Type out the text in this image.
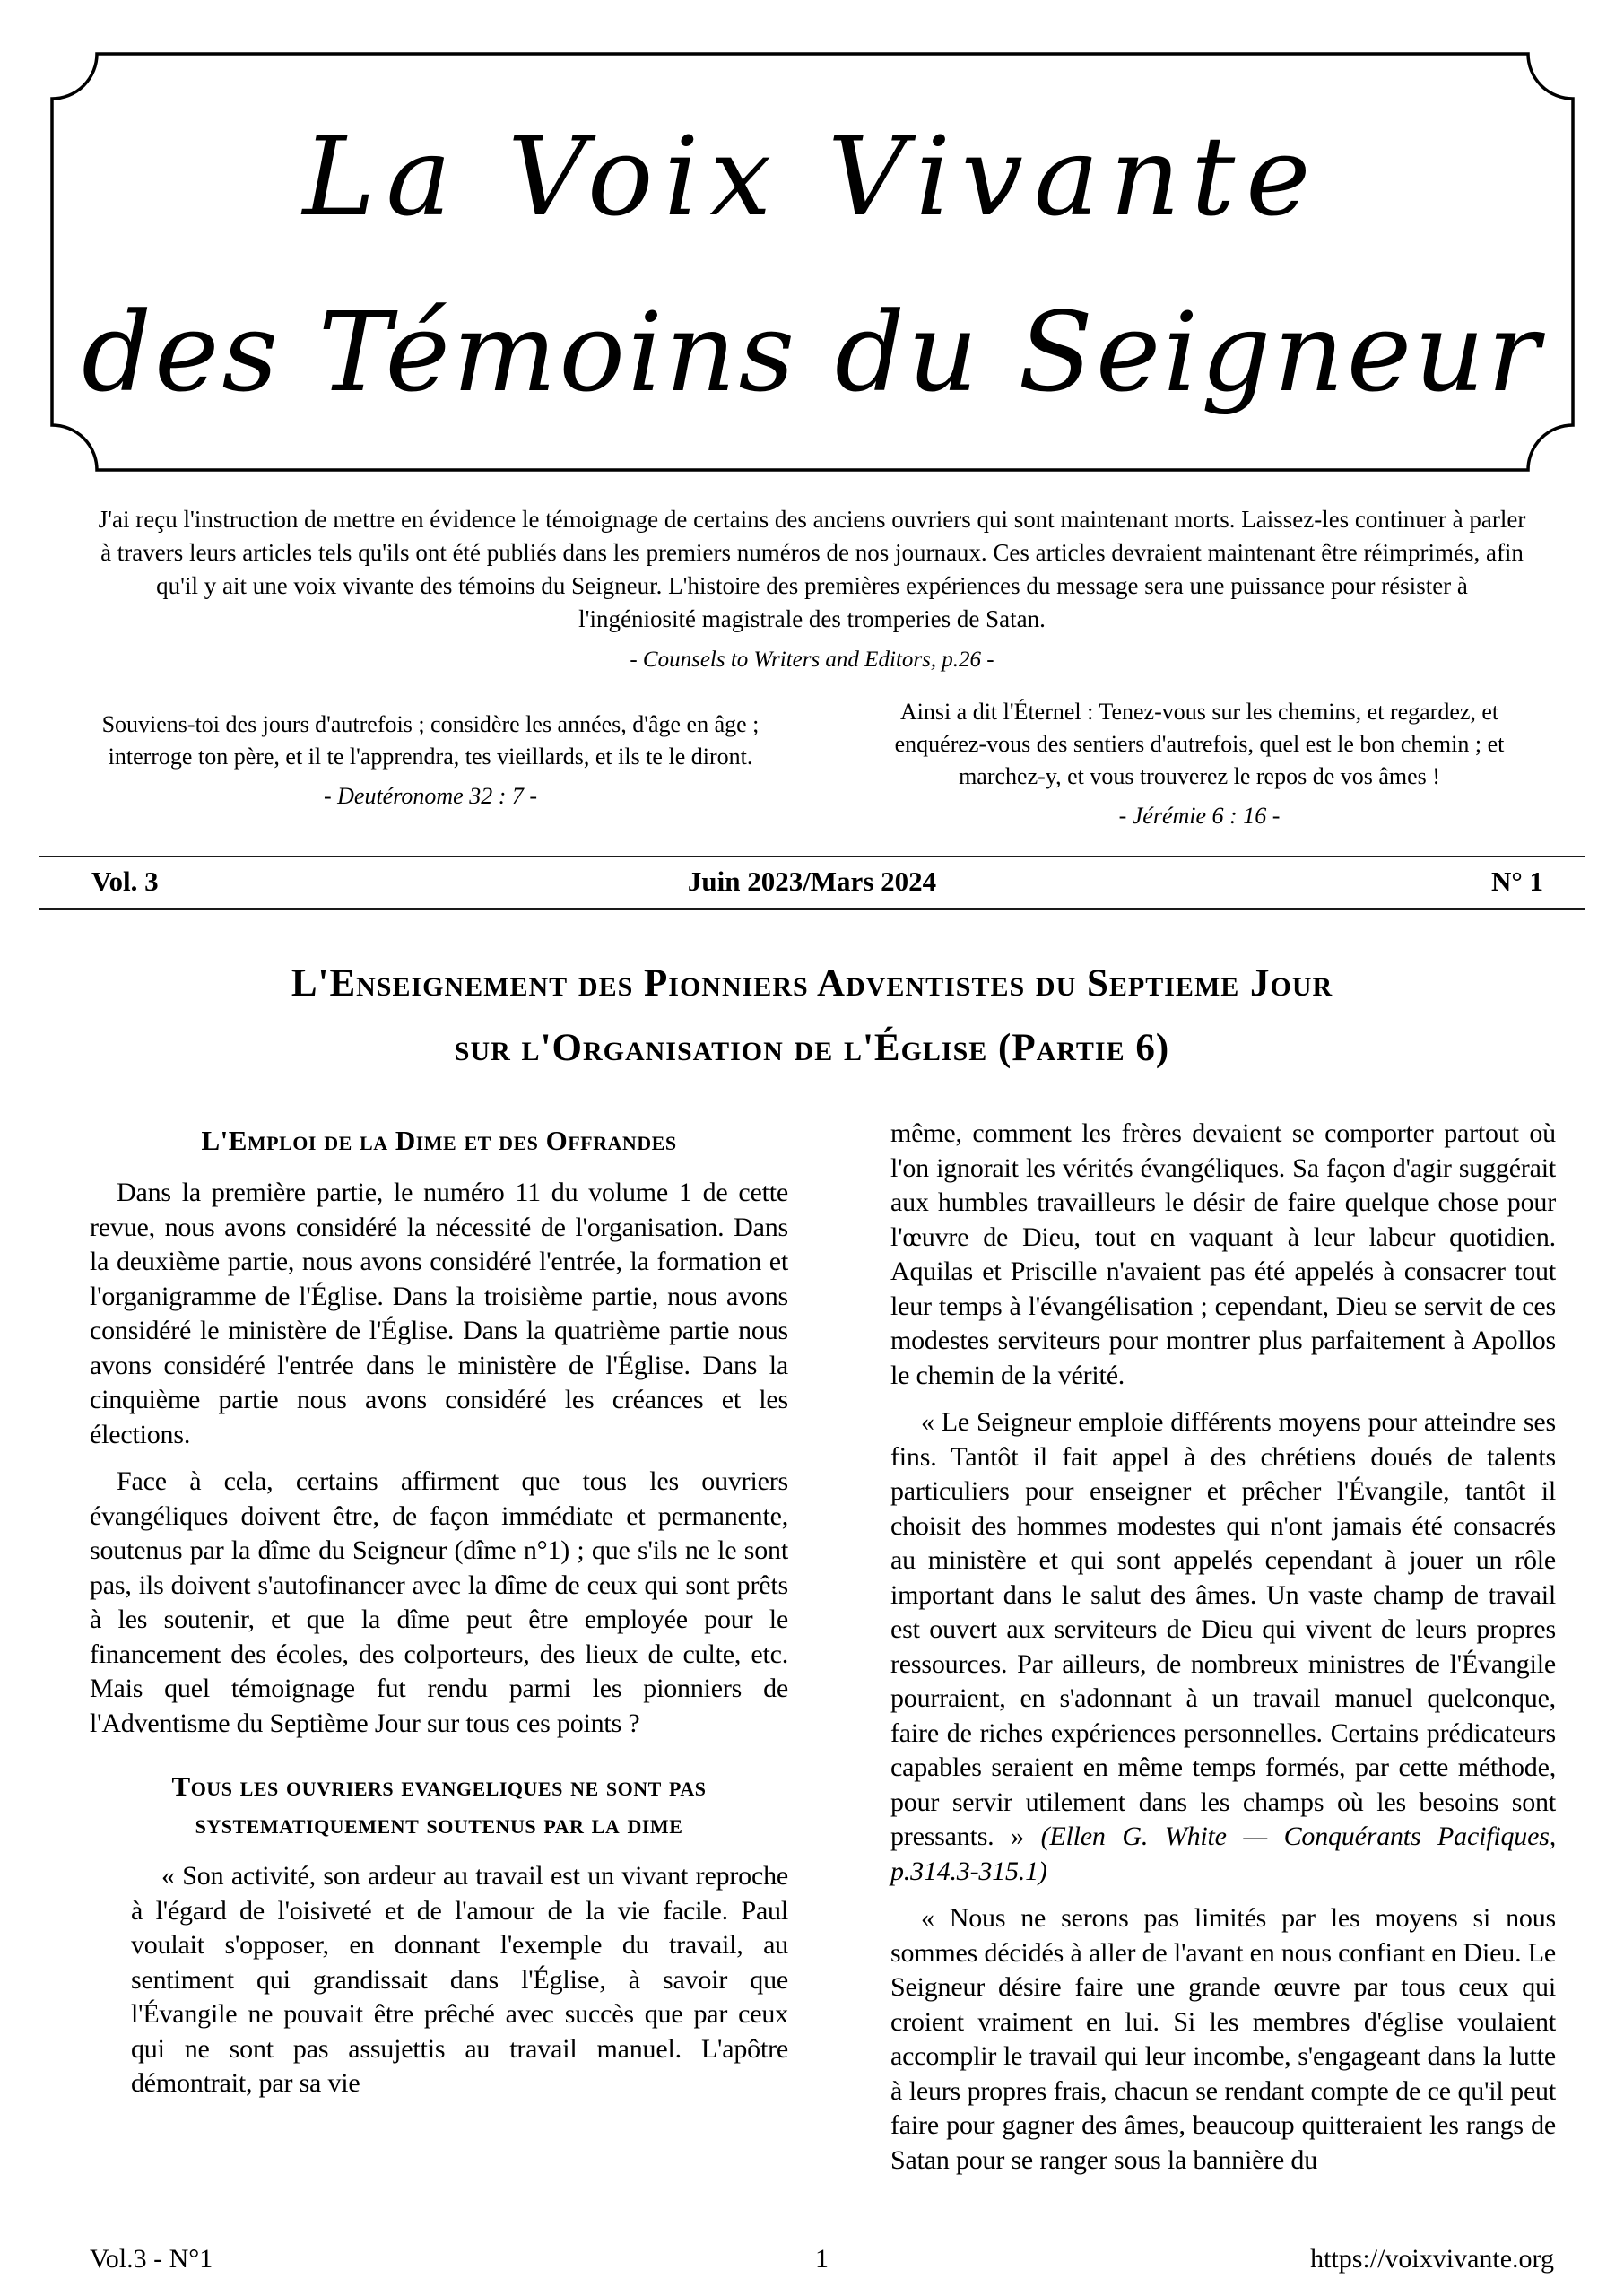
La Voix Vivante
des Témoins du Seigneur
J'ai reçu l'instruction de mettre en évidence le témoignage de certains des anciens ouvriers qui sont maintenant morts. Laissez-les continuer à parler à travers leurs articles tels qu'ils ont été publiés dans les premiers numéros de nos journaux. Ces articles devraient maintenant être réimprimés, afin qu'il y ait une voix vivante des témoins du Seigneur. L'histoire des premières expériences du message sera une puissance pour résister à l'ingéniosité magistrale des tromperies de Satan.
- Counsels to Writers and Editors, p.26 -
Souviens-toi des jours d'autrefois ; considère les années, d'âge en âge ; interroge ton père, et il te l'apprendra, tes vieillards, et ils te le diront.
- Deutéronome 32 : 7 -
Ainsi a dit l'Éternel : Tenez-vous sur les chemins, et regardez, et enquérez-vous des sentiers d'autrefois, quel est le bon chemin ; et marchez-y, et vous trouverez le repos de vos âmes !
- Jérémie 6 : 16 -
Vol. 3	Juin 2023/Mars 2024	N° 1
L'Enseignement des Pionniers Adventistes du Septieme Jour
sur l'Organisation de l'Église (Partie 6)
L'Emploi de la Dime et des Offrandes

Dans la première partie, le numéro 11 du volume 1 de cette revue, nous avons considéré la nécessité de l'organisation. Dans la deuxième partie, nous avons considéré l'entrée, la formation et l'organigramme de l'Église. Dans la troisième partie, nous avons considéré le ministère de l'Église. Dans la quatrième partie nous avons considéré l'entrée dans le ministère de l'Église. Dans la cinquième partie nous avons considéré les créances et les élections.

Face à cela, certains affirment que tous les ouvriers évangéliques doivent être, de façon immédiate et permanente, soutenus par la dîme du Seigneur (dîme n°1) ; que s'ils ne le sont pas, ils doivent s'autofinancer avec la dîme de ceux qui sont prêts à les soutenir, et que la dîme peut être employée pour le financement des écoles, des colporteurs, des lieux de culte, etc. Mais quel témoignage fut rendu parmi les pionniers de l'Adventisme du Septième Jour sur tous ces points ?

Tous les ouvriers evangeliques ne sont pas systematiquement soutenus par la dime

« Son activité, son ardeur au travail est un vivant reproche à l'égard de l'oisiveté et de l'amour de la vie facile. Paul voulait s'opposer, en donnant l'exemple du travail, au sentiment qui grandissait dans l'Église, à savoir que l'Évangile ne pouvait être prêché avec succès que par ceux qui ne sont pas assujettis au travail manuel. L'apôtre démontrait, par sa vie

même, comment les frères devaient se comporter partout où l'on ignorait les vérités évangéliques. Sa façon d'agir suggérait aux humbles travailleurs le désir de faire quelque chose pour l'œuvre de Dieu, tout en vaquant à leur labeur quotidien. Aquilas et Priscille n'avaient pas été appelés à consacrer tout leur temps à l'évangélisation ; cependant, Dieu se servit de ces modestes serviteurs pour montrer plus parfaitement à Apollos le chemin de la vérité.

« Le Seigneur emploie différents moyens pour atteindre ses fins. Tantôt il fait appel à des chrétiens doués de talents particuliers pour enseigner et prêcher l'Évangile, tantôt il choisit des hommes modestes qui n'ont jamais été consacrés au ministère et qui sont appelés cependant à jouer un rôle important dans le salut des âmes. Un vaste champ de travail est ouvert aux serviteurs de Dieu qui vivent de leurs propres ressources. Par ailleurs, de nombreux ministres de l'Évangile pourraient, en s'adonnant à un travail manuel quelconque, faire de riches expériences personnelles. Certains prédicateurs capables seraient en même temps formés, par cette méthode, pour servir utilement dans les champs où les besoins sont pressants. » (Ellen G. White — Conquérants Pacifiques, p.314.3-315.1)

« Nous ne serons pas limités par les moyens si nous sommes décidés à aller de l'avant en nous confiant en Dieu. Le Seigneur désire faire une grande œuvre par tous ceux qui croient vraiment en lui. Si les membres d'église voulaient accomplir le travail qui leur incombe, s'engageant dans la lutte à leurs propres frais, chacun se rendant compte de ce qu'il peut faire pour gagner des âmes, beaucoup quitteraient les rangs de Satan pour se ranger sous la bannière du

Vol.3 - N°1	1	https://voixvivante.org
